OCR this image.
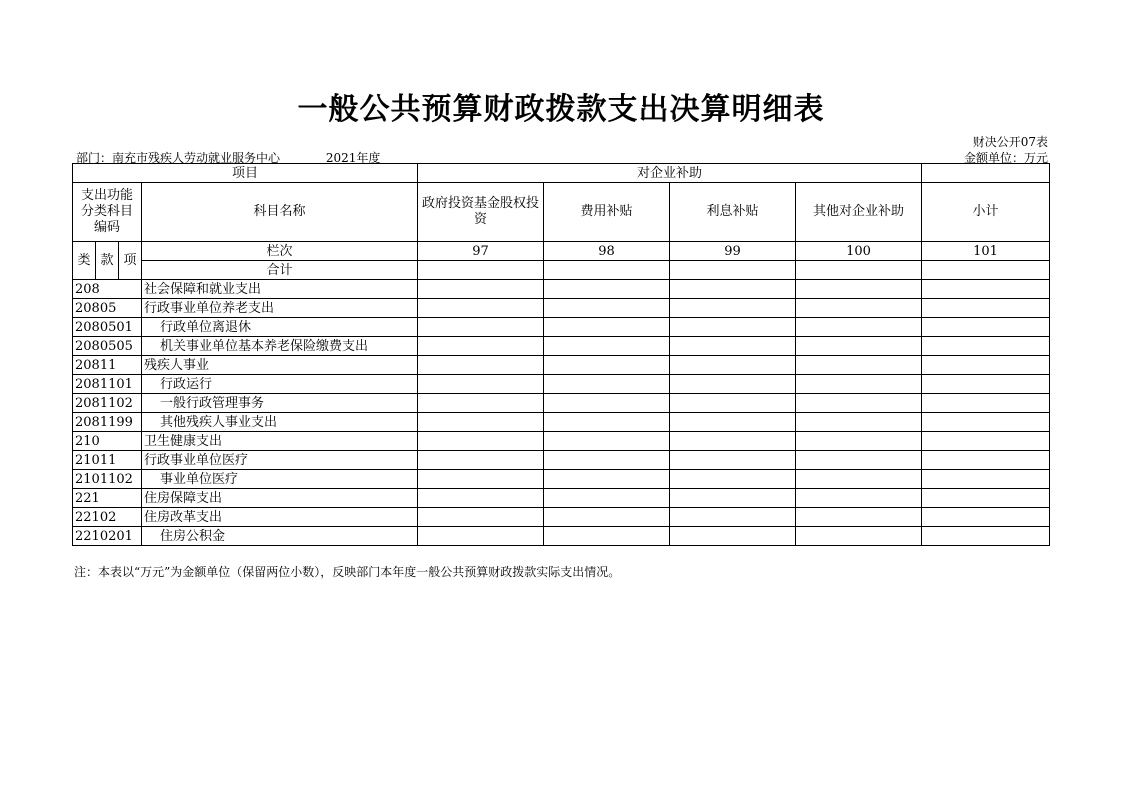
一般公共预算财政拨款支出决算明细表
部门：南充市残疾人劳动就业服务中心	2021年度
财决公开07表
金额单位：万元
项目				对企业补助				
支出功能分类科目编码			科目名称	政府投资基金股权投资	费用补贴	利息补贴	其他对企业补助	小计
类	款	项	栏次	97	98	99	100	101
			合计					
208			社会保障和就业支出					
20805			行政事业单位养老支出					
2080501			行政单位离退休					
2080505			机关事业单位基本养老保险缴费支出					
20811			残疾人事业					
2081101			行政运行					
2081102			一般行政管理事务					
2081199			其他残疾人事业支出					
210			卫生健康支出					
21011			行政事业单位医疗					
2101102			事业单位医疗					
221			住房保障支出					
22102			住房改革支出					
2210201			住房公积金					
注：本表以“万元”为金额单位（保留两位小数），反映部门本年度一般公共预算财政拨款实际支出情况。
